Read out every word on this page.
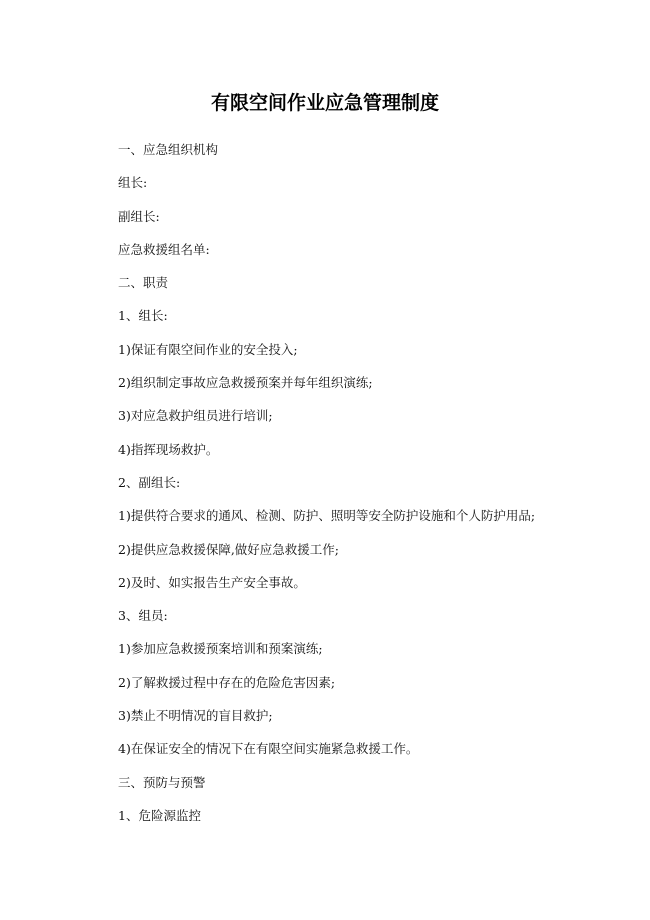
有限空间作业应急管理制度
一、应急组织机构
组长:
副组长:
应急救援组名单:
二、职责
1、组长:
1)保证有限空间作业的安全投入;
2)组织制定事故应急救援预案并每年组织演练;
3)对应急救护组员进行培训;
4)指挥现场救护。
2、副组长:
1)提供符合要求的通风、检测、防护、照明等安全防护设施和个人防护用品;
2)提供应急救援保障,做好应急救援工作;
2)及时、如实报告生产安全事故。
3、组员:
1)参加应急救援预案培训和预案演练;
2)了解救援过程中存在的危险危害因素;
3)禁止不明情况的盲目救护;
4)在保证安全的情况下在有限空间实施紧急救援工作。
三、预防与预警
1、危险源监控
